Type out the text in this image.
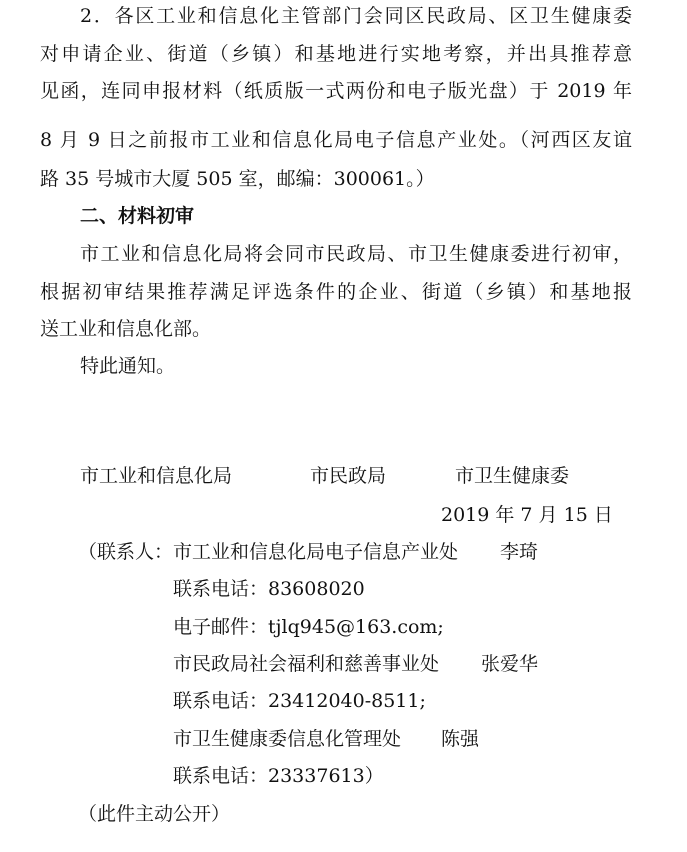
2．各区工业和信息化主管部门会同区民政局、区卫生健康委
对申请企业、街道（乡镇）和基地进行实地考察，并出具推荐意
见函，连同申报材料（纸质版一式两份和电子版光盘）于 2019 年
8 月 9 日之前报市工业和信息化局电子信息产业处。（河西区友谊
路 35 号城市大厦 505 室，邮编：300061。）
二、材料初审
市工业和信息化局将会同市民政局、市卫生健康委进行初审，
根据初审结果推荐满足评选条件的企业、街道（乡镇）和基地报
送工业和信息化部。
特此通知。
市工业和信息化局	市民政局	市卫生健康委
2019 年 7 月 15 日
（联系人： 市工业和信息化局电子信息产业处 李琦
联系电话：83608020
电子邮件：tjlq945@163.com;
市民政局社会福利和慈善事业处 张爱华
联系电话：23412040-8511;
市卫生健康委信息化管理处 陈强
联系电话：23337613）
（此件主动公开）
